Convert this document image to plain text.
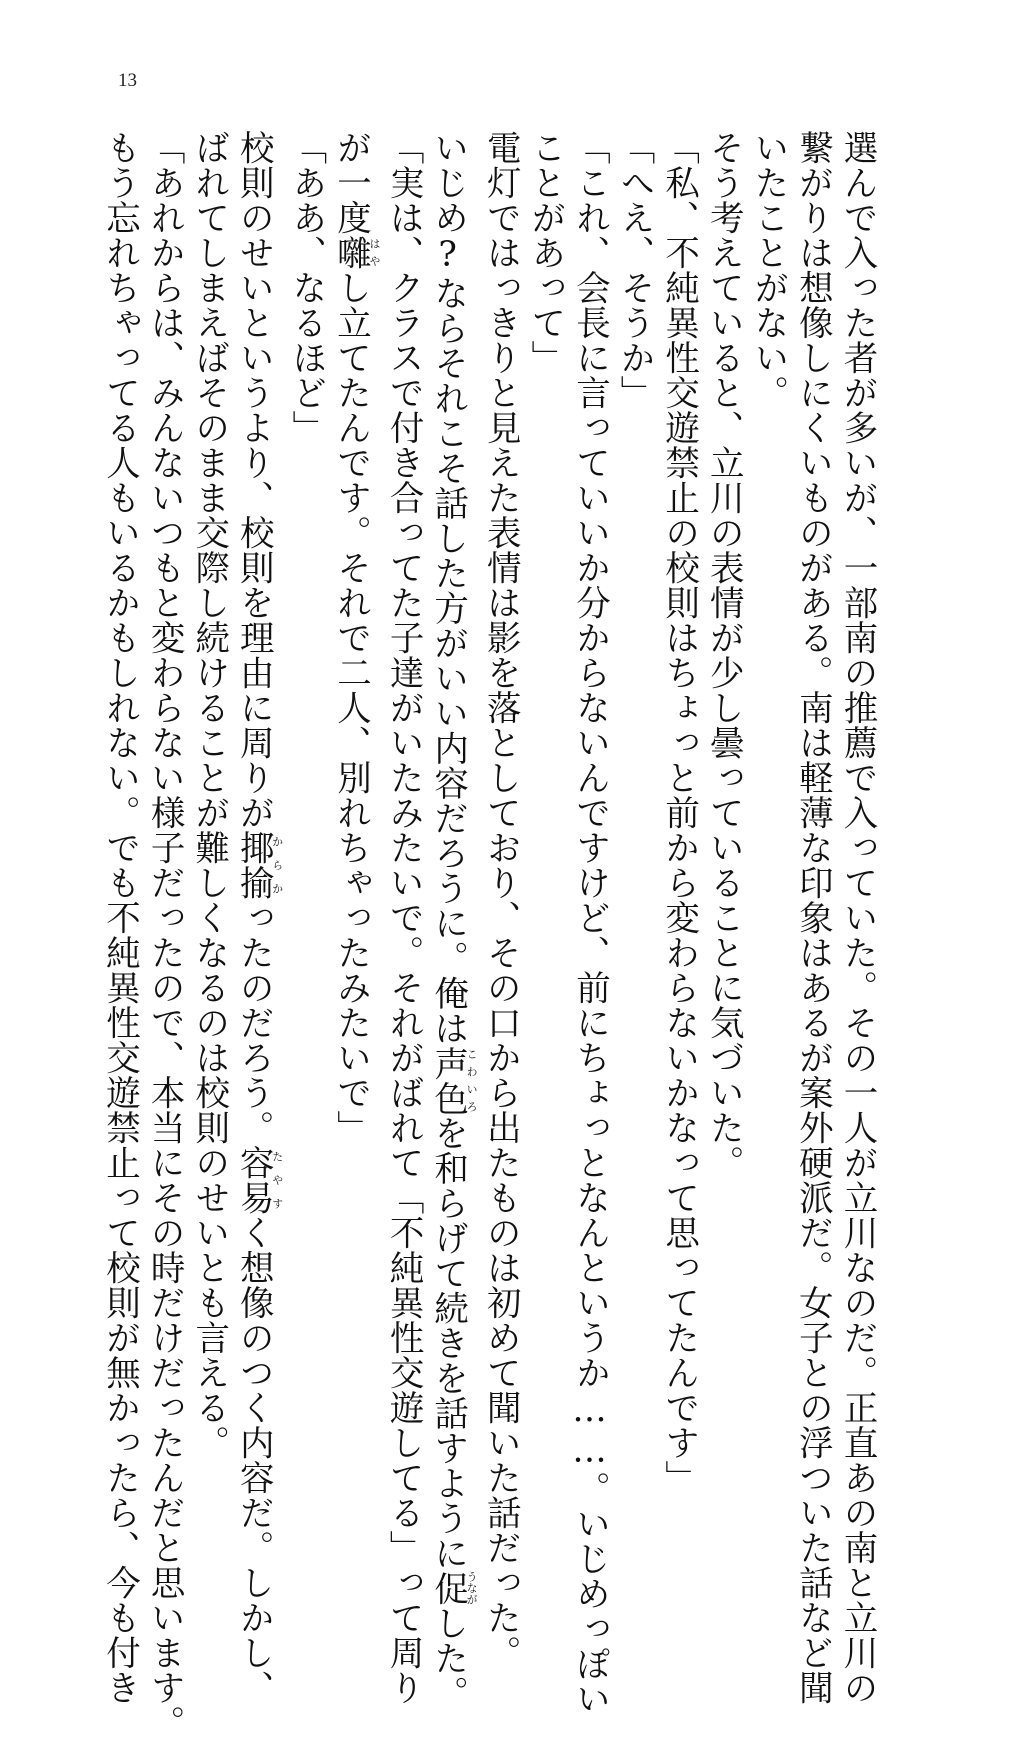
13
選んで入った者が多いが、一部南の推薦で入っていた。その一人が立川なのだ。正直あの南と立川の
繋がりは想像しにくいものがある。南は軽薄な印象はあるが案外硬派だ。女子との浮ついた話など聞
いたことがない。
そう考えていると、立川の表情が少し曇っていることに気づいた。
「私、不純異性交遊禁止の校則はちょっと前から変わらないかなって思ってたんです」
「へえ、そうか」
「これ、会長に言っていいか分からないんですけど、前にちょっとなんというか……。いじめっぽい
ことがあって」
電灯ではっきりと見えた表情は影を落としており、その口から出たものは初めて聞いた話だった。
いじめ?ならそれこそ話した方がいい内容だろうに。俺は声色こわいろを和らげて続きを話すように促うながした。
「実は、クラスで付き合ってた子達がいたみたいで。それがばれて「不純異性交遊してる」って周り
が一度囃はやし立てたんです。それで二人、別れちゃったみたいで」
「ああ、なるほど」
校則のせいというより、校則を理由に周りが揶揄からかったのだろう。容易たやすく想像のつく内容だ。しかし、
ばれてしまえばそのまま交際し続けることが難しくなるのは校則のせいとも言える。
「あれからは、みんないつもと変わらない様子だったので、本当にその時だけだったんだと思います。
もう忘れちゃってる人もいるかもしれない。でも不純異性交遊禁止って校則が無かったら、今も付き
